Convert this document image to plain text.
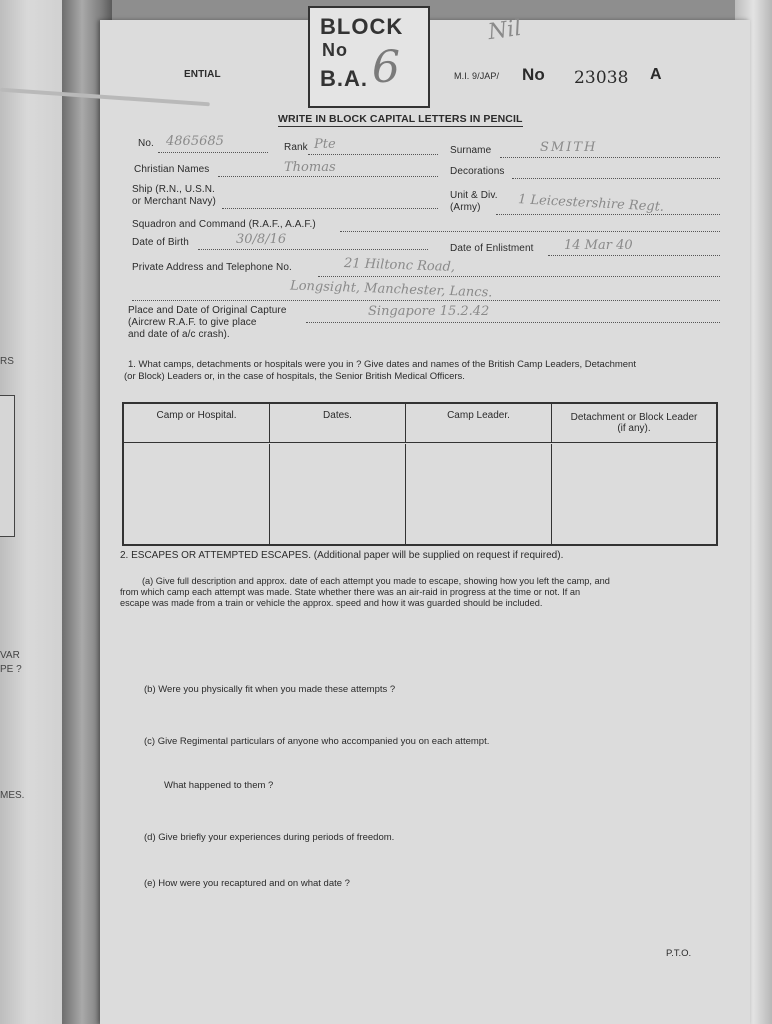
RS
VAR
PE ?
MES.
ENTIAL
BLOCK
No
B.A. 6
Nil
M.I. 9/JAP/ No 23038 A
WRITE IN BLOCK CAPITAL LETTERS IN PENCIL
No. 4865685	Rank Pte	Surname	SMITH
Christian Names	Thomas	Decorations
Ship (R.N., U.S.N.
or Merchant Navy)
Unit & Div.
(Army)	1 Leicestershire Regt.
Squadron and Command (R.A.F., A.A.F.)
Date of Birth	30/8/16
Date of Enlistment 14 Mar 40
Private Address and Telephone No.	21 Hiltonс Road,
Longsight, Manchester, Lancs.
Place and Date of Original Capture
(Aircrew R.A.F. to give place
and date of a/c crash).
Singapore 15.2.42
1. What camps, detachments or hospitals were you in ? Give dates and names of the British Camp Leaders, Detachment
(or Block) Leaders or, in the case of hospitals, the Senior British Medical Officers.
Camp or Hospital.	Dates.	Camp Leader.	Detachment or Block Leader (if any).
2. ESCAPES OR ATTEMPTED ESCAPES. (Additional paper will be supplied on request if required).
(a) Give full description and approx. date of each attempt you made to escape, showing how you left the camp, and
from which camp each attempt was made. State whether there was an air-raid in progress at the time or not. If an
escape was made from a train or vehicle the approx. speed and how it was guarded should be included.
(b) Were you physically fit when you made these attempts ?
(c) Give Regimental particulars of anyone who accompanied you on each attempt.
What happened to them ?
(d) Give briefly your experiences during periods of freedom.
(e) How were you recaptured and on what date ?
P.T.O.
